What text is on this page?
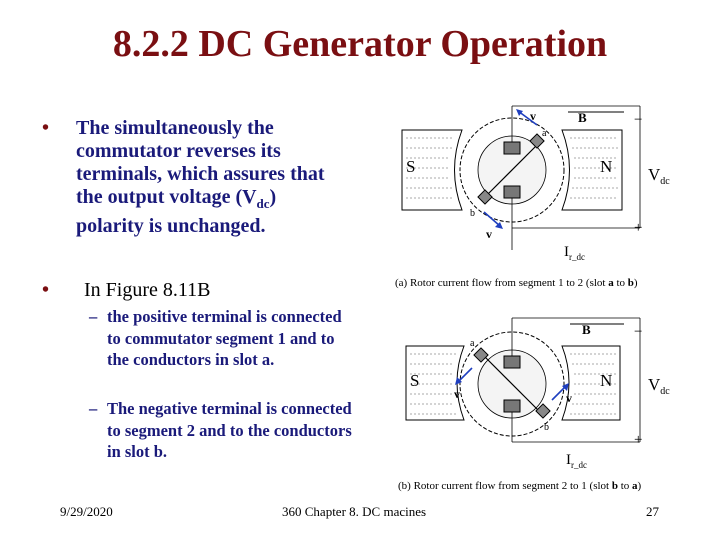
8.2.2 DC Generator Operation
• The simultaneously the commutator reverses its terminals, which assures that the output voltage $(V_{dc})$ polarity is unchanged.
• In Figure 8.11B
– the positive terminal is connected to commutator segment 1 and to the conductors in slot a.
– The negative terminal is connected to segment 2 and to the conductors in slot b.
S	N
B
a
b
v
v
−
+
$V_{dc}$
$I_{r\_dc}$
(a) Rotor current flow from segment 1 to 2 (slot a to b)
S	N
B
a
b
v	v
−
+
$V_{dc}$
$I_{r\_dc}$
(b) Rotor current flow from segment 2 to 1 (slot b to a)
9/29/2020	360 Chapter 8. DC macines	27
